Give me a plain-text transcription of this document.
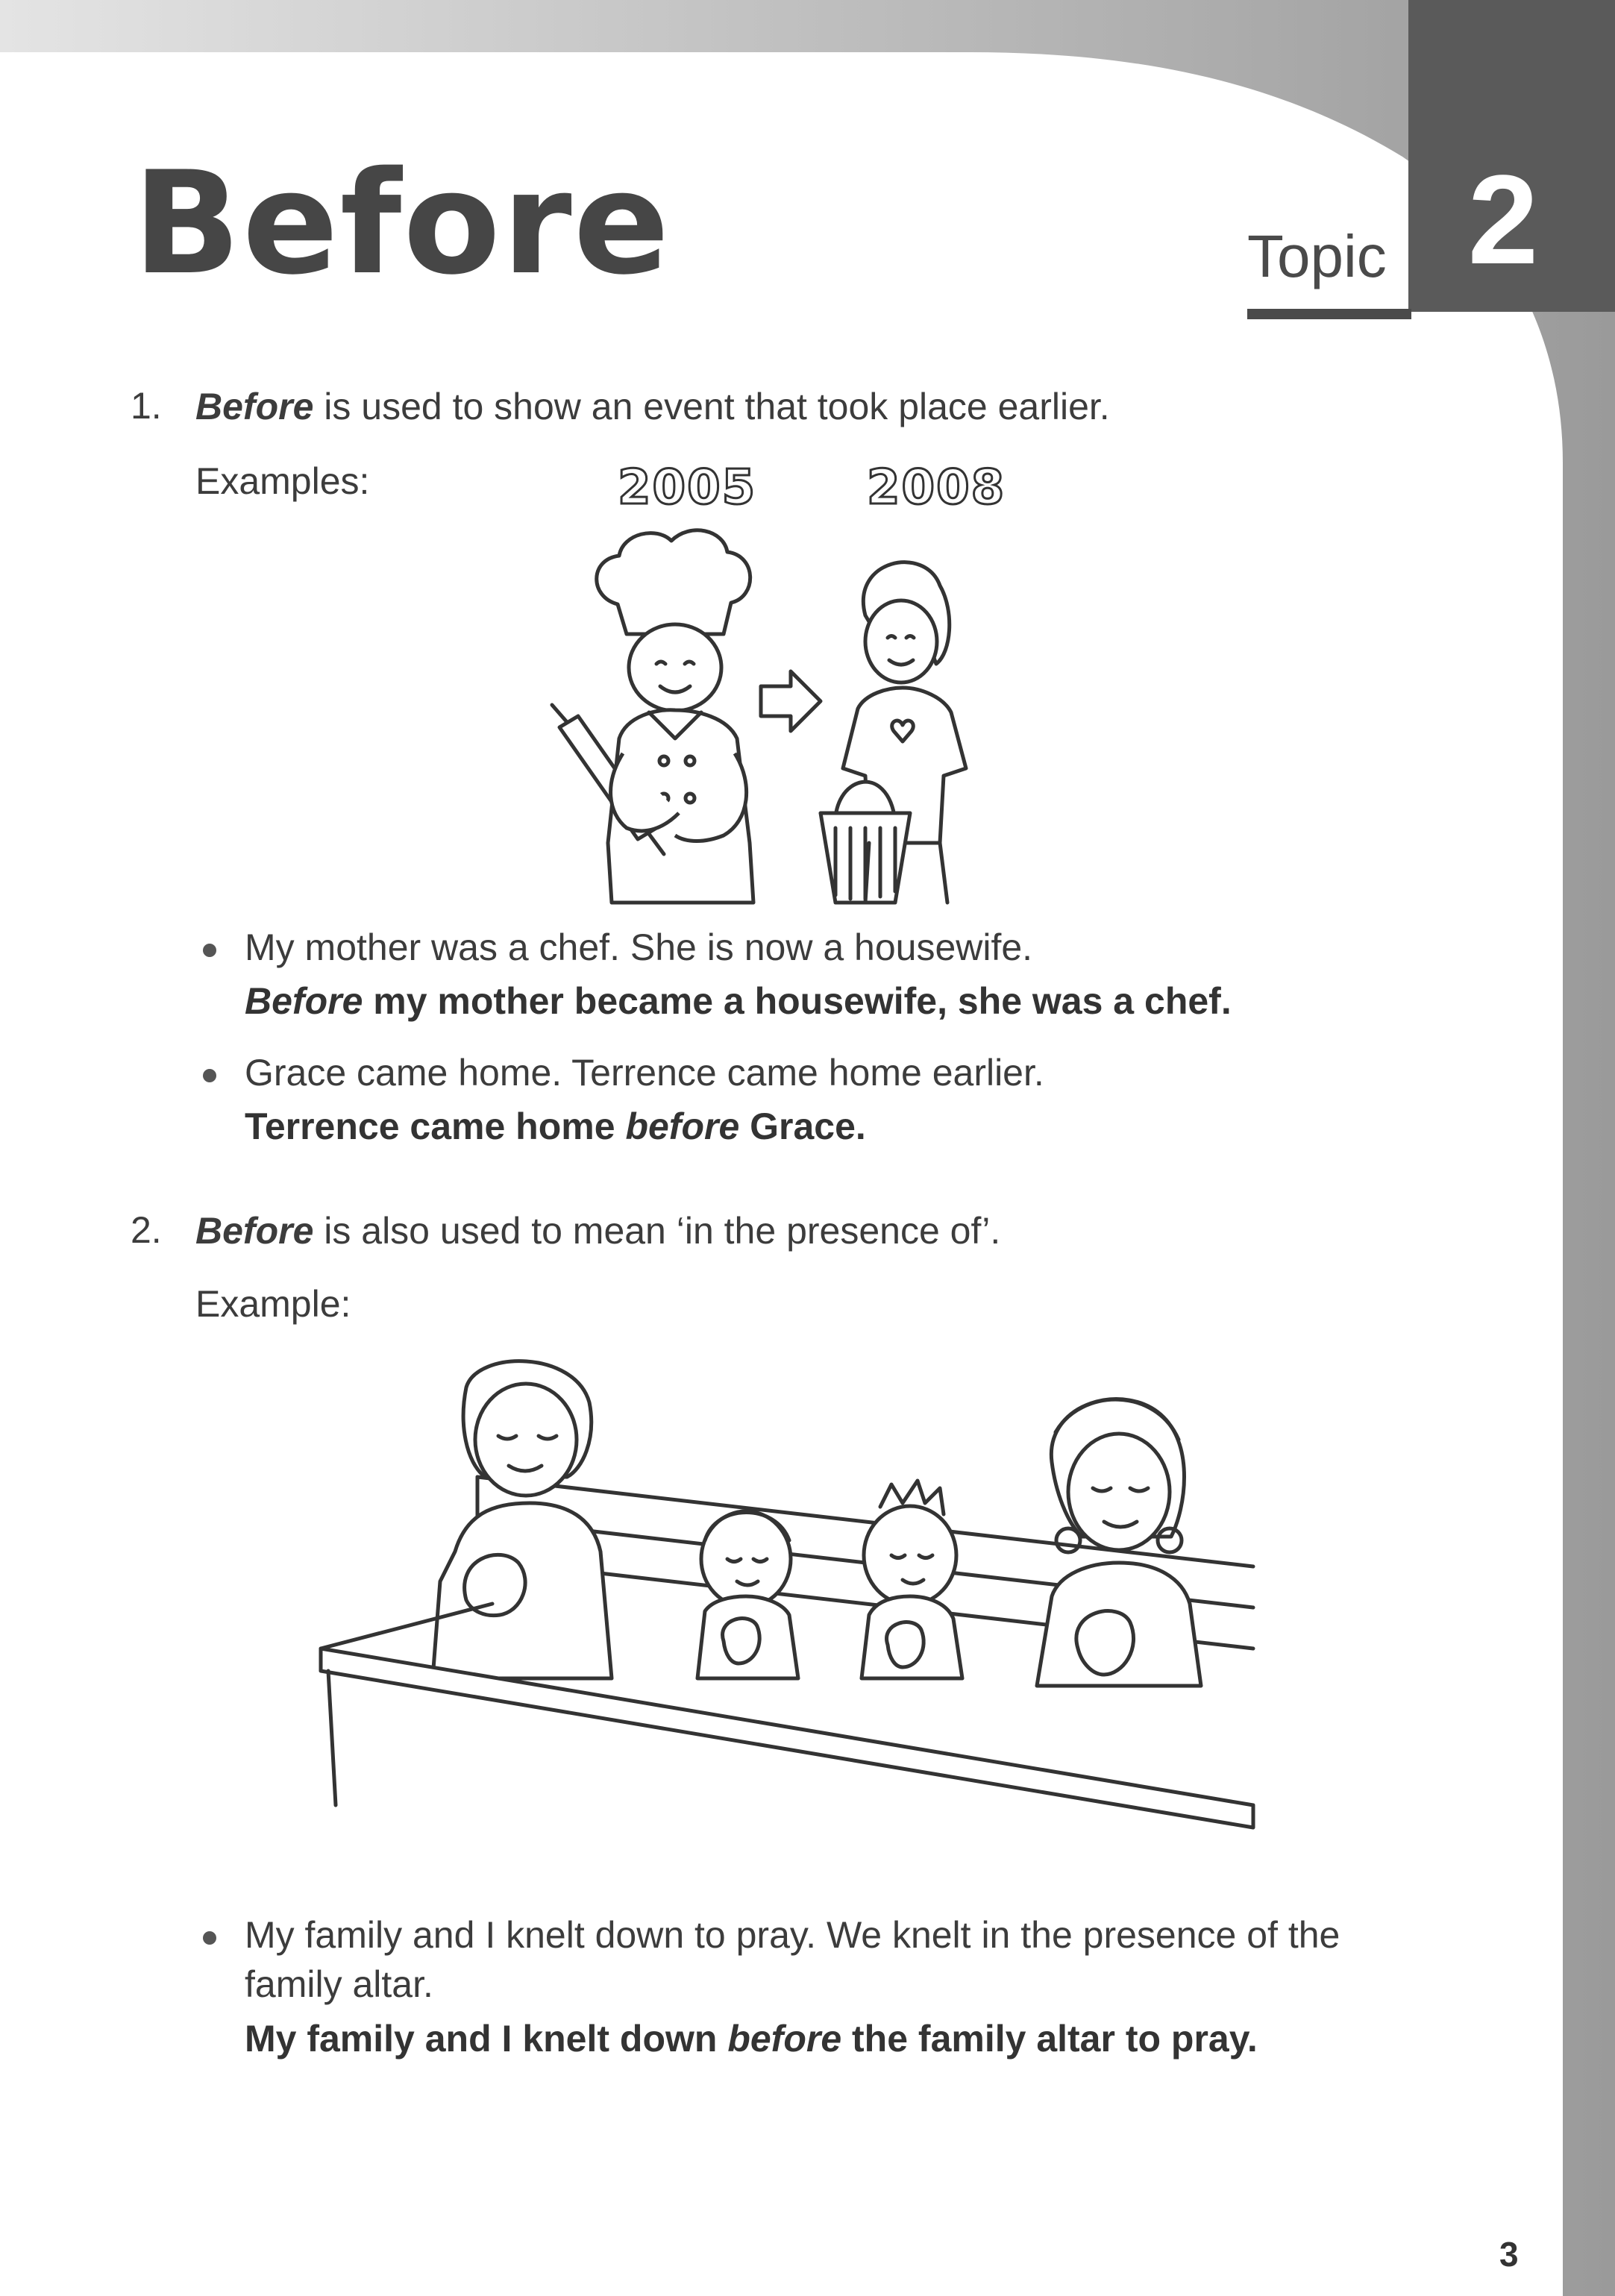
Before	Topic 2
1. Before is used to show an event that took place earlier.
Examples:	2005 2008
My mother was a chef. She is now a housewife.
Before my mother became a housewife, she was a chef.
Grace came home. Terrence came home earlier.
Terrence came home before Grace.
2. Before is also used to mean ‘in the presence of’.
Example:
My family and I knelt down to pray. We knelt in the presence of the
family altar.
My family and I knelt down before the family altar to pray.
3
